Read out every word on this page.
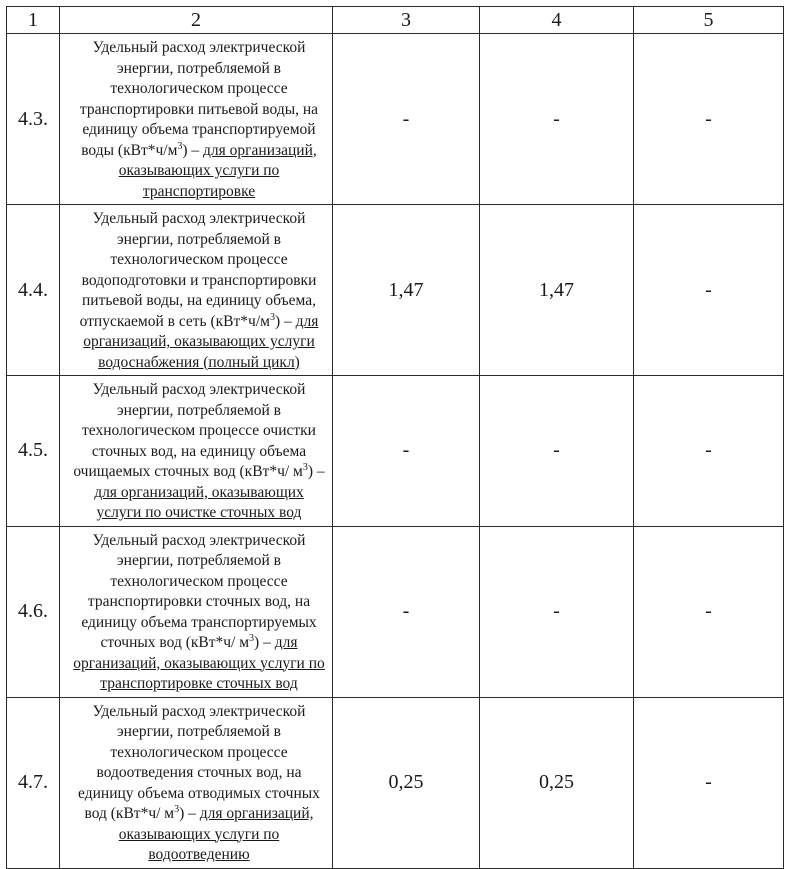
1	2	3	4	5
4.3.	Удельный расход электрической энергии, потребляемой в технологическом процессе транспортировки питьевой воды, на единицу объема транспортируемой воды $(кВт*ч/м^3)$ – для организаций, оказывающих услуги по транспортировке	-	-	-
4.4.	Удельный расход электрической энергии, потребляемой в технологическом процессе водоподготовки и транспортировки питьевой воды, на единицу объема, отпускаемой в сеть $(кВт*ч/м^3)$ – для организаций, оказывающих услуги водоснабжения (полный цикл)	1,47	1,47	-
4.5.	Удельный расход электрической энергии, потребляемой в технологическом процессе очистки сточных вод, на единицу объема очищаемых сточных вод (кВт*ч/ $м^3$) – для организаций, оказывающих услуги по очистке сточных вод	-	-	-
4.6.	Удельный расход электрической энергии, потребляемой в технологическом процессе транспортировки сточных вод, на единицу объема транспортируемых сточных вод (кВт*ч/ $м^3$) – для организаций, оказывающих услуги по транспортировке сточных вод	-	-	-
4.7.	Удельный расход электрической энергии, потребляемой в технологическом процессе водоотведения сточных вод, на единицу объема отводимых сточных вод (кВт*ч/ $м^3$) – для организаций, оказывающих услуги по водоотведению	0,25	0,25	-
